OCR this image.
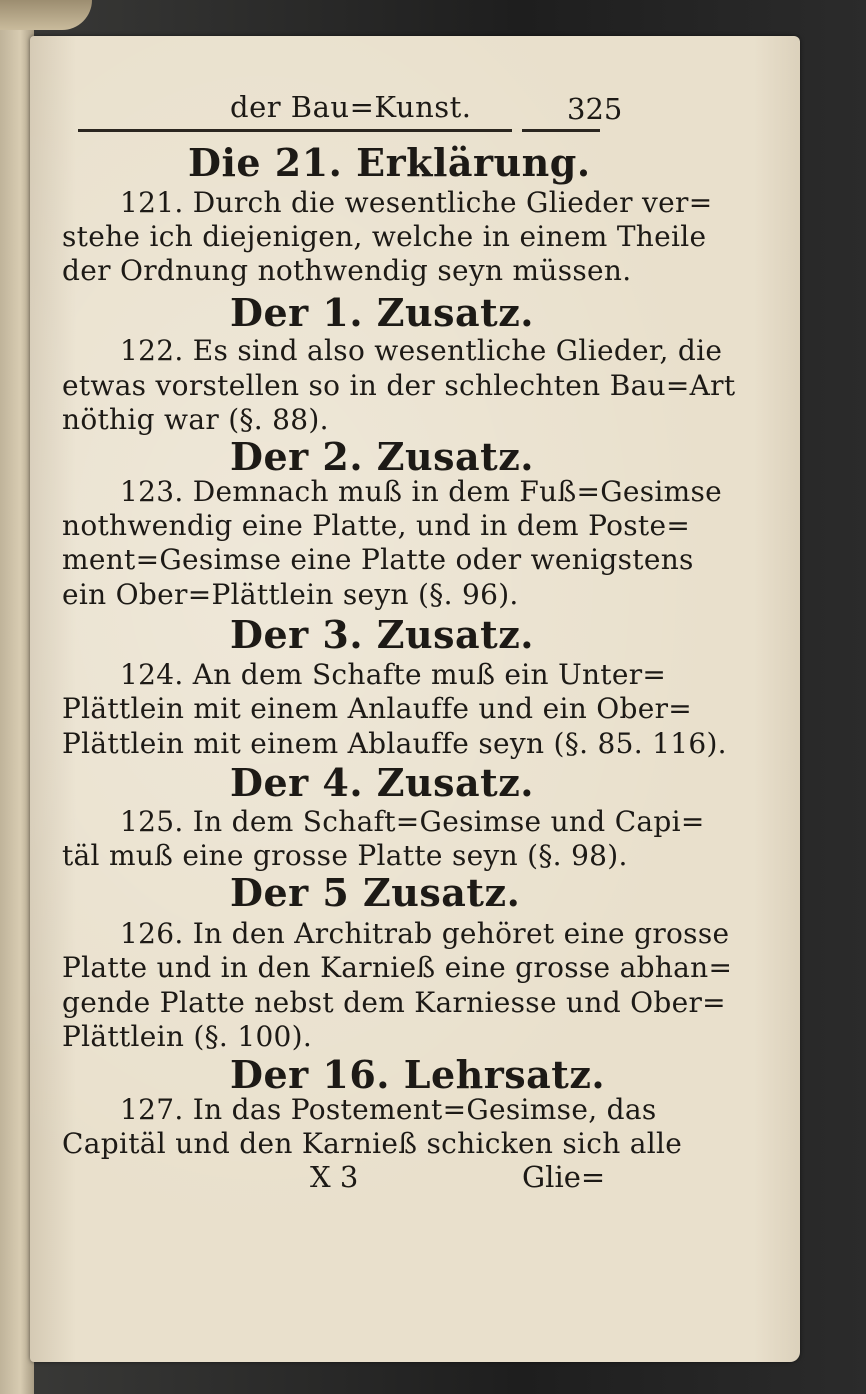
der Bau=Kunst.	325
Die 21. Erklärung.
121. Durch die wesentliche Glieder ver=
stehe ich diejenigen, welche in einem Theile
der Ordnung nothwendig seyn müssen.
Der 1. Zusatz.
122. Es sind also wesentliche Glieder, die
etwas vorstellen so in der schlechten Bau=Art
nöthig war (§. 88).
Der 2. Zusatz.
123. Demnach muß in dem Fuß=Gesimse
nothwendig eine Platte, und in dem Poste=
ment=Gesimse eine Platte oder wenigstens
ein Ober=Plättlein seyn (§. 96).
Der 3. Zusatz.
124. An dem Schafte muß ein Unter=
Plättlein mit einem Anlauffe und ein Ober=
Plättlein mit einem Ablauffe seyn (§. 85. 116).
Der 4. Zusatz.
125. In dem Schaft=Gesimse und Capi=
täl muß eine grosse Platte seyn (§. 98).
Der 5 Zusatz.
126. In den Architrab gehöret eine grosse
Platte und in den Karnieß eine grosse abhan=
gende Platte nebst dem Karniesse und Ober=
Plättlein (§. 100).
Der 16. Lehrsatz.
127. In das Postement=Gesimse, das
Capitäl und den Karnieß schicken sich alle
X 3	Glie=
